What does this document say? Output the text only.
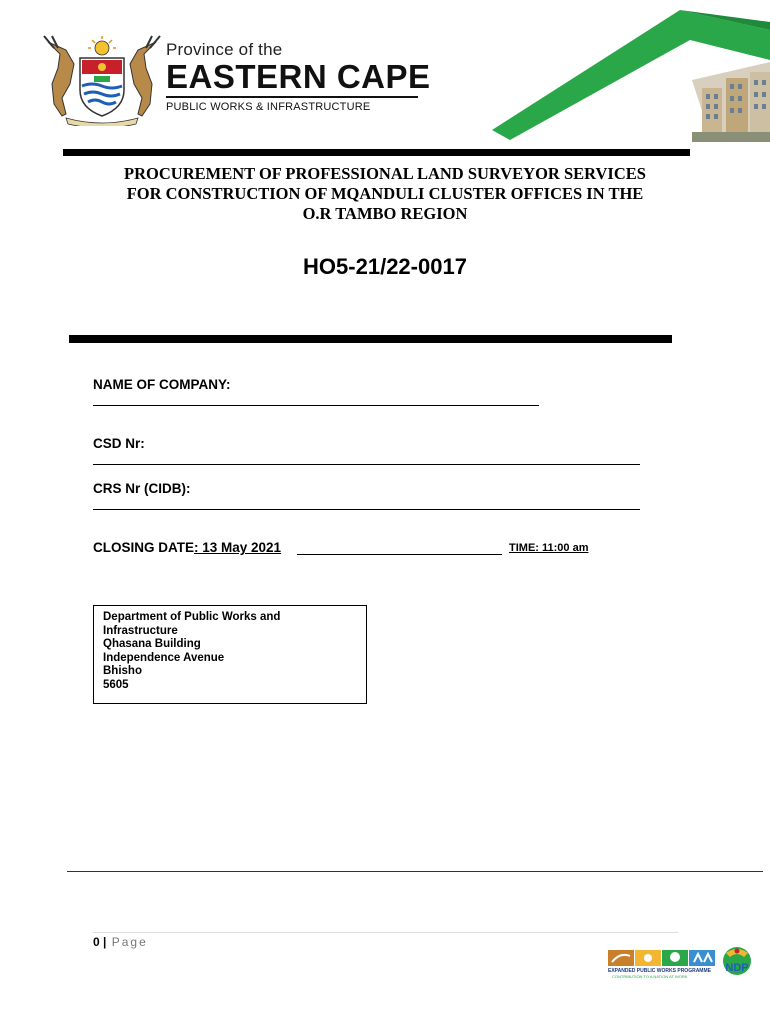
Province of the
EASTERN CAPE
PUBLIC WORKS & INFRASTRUCTURE
PROCUREMENT OF PROFESSIONAL LAND SURVEYOR SERVICES
FOR CONSTRUCTION OF MQANDULI CLUSTER OFFICES IN THE
O.R TAMBO REGION
HO5-21/22-0017
NAME OF COMPANY:
CSD Nr:
CRS Nr (CIDB):
CLOSING DATE: 13 May 2021	TIME: 11:00 am
Department of Public Works and
Infrastructure
Qhasana Building
Independence Avenue
Bhisho
5605
0 | Page
EXPANDED PUBLIC WORKS PROGRAMME
CONTRIBUTION TO A NATION AT WORK
NDP
